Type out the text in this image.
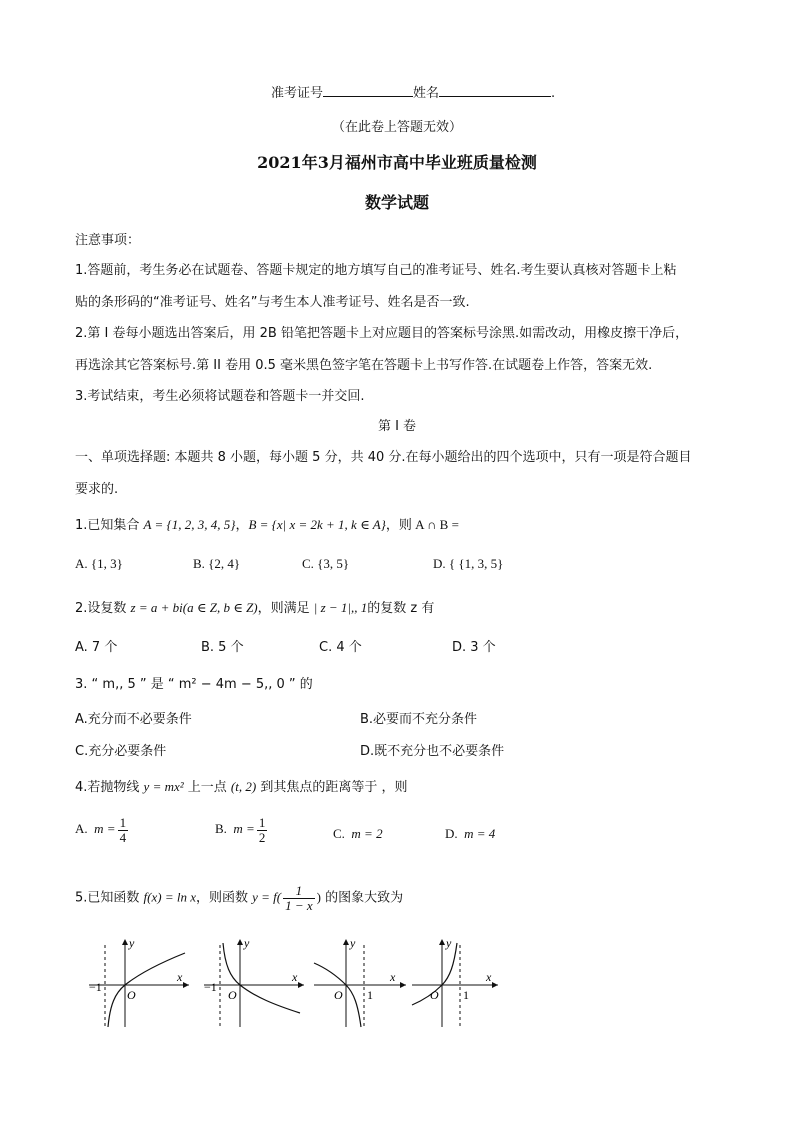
准考证号	姓名	.
（在此卷上答题无效）
2021年3月福州市高中毕业班质量检测
数学试题
注意事项：
1.答题前，考生务必在试题卷、答题卡规定的地方填写自己的准考证号、姓名.考生要认真核对答题卡上粘
贴的条形码的“准考证号、姓名”与考生本人准考证号、姓名是否一致.
2.第 I 卷每小题选出答案后，用 2B 铅笔把答题卡上对应题目的答案标号涂黑.如需改动，用橡皮擦干净后，
再选涂其它答案标号.第 II 卷用 0.5 毫米黑色签字笔在答题卡上书写作答.在试题卷上作答，答案无效.
3.考试结束，考生必须将试题卷和答题卡一并交回.
第 I 卷
一、单项选择题: 本题共 8 小题，每小题 5 分，共 40 分.在每小题给出的四个选项中，只有一项是符合题目
要求的.
1.已知集合 A = {1, 2, 3, 4, 5}，B = {x| x = 2k + 1, k ∈ A}，则 A ∩ B =
A. {1, 3}	B. {2, 4}	C. {3, 5}	D. { {1, 3, 5}
2.设复数 z = a + bi(a ∈ Z, b ∈ Z)，则满足 | z − 1|,, 1的复数 z 有
A. 7 个	B. 5 个	C. 4 个	D. 3 个
3. “ m,, 5 ” 是 “ m² − 4m − 5,, 0 ” 的
A.充分而不必要条件	B.必要而不充分条件
C.充分必要条件	D.既不充分也不必要条件
4.若抛物线 y = mx² 上一点 (t, 2) 到其焦点的距离等于 ，则
A. $m = \frac{1}{4}$	B. $m = \frac{1}{2}$	C. m = 2	D. m = 4
5.已知函数 f(x) = ln x，则函数 $y = f( \frac{1}{1 - x}$ ) 的图象大致为
y
x
O
−1
y
x
O
−1
y
x
O 1
y
x
O 1
